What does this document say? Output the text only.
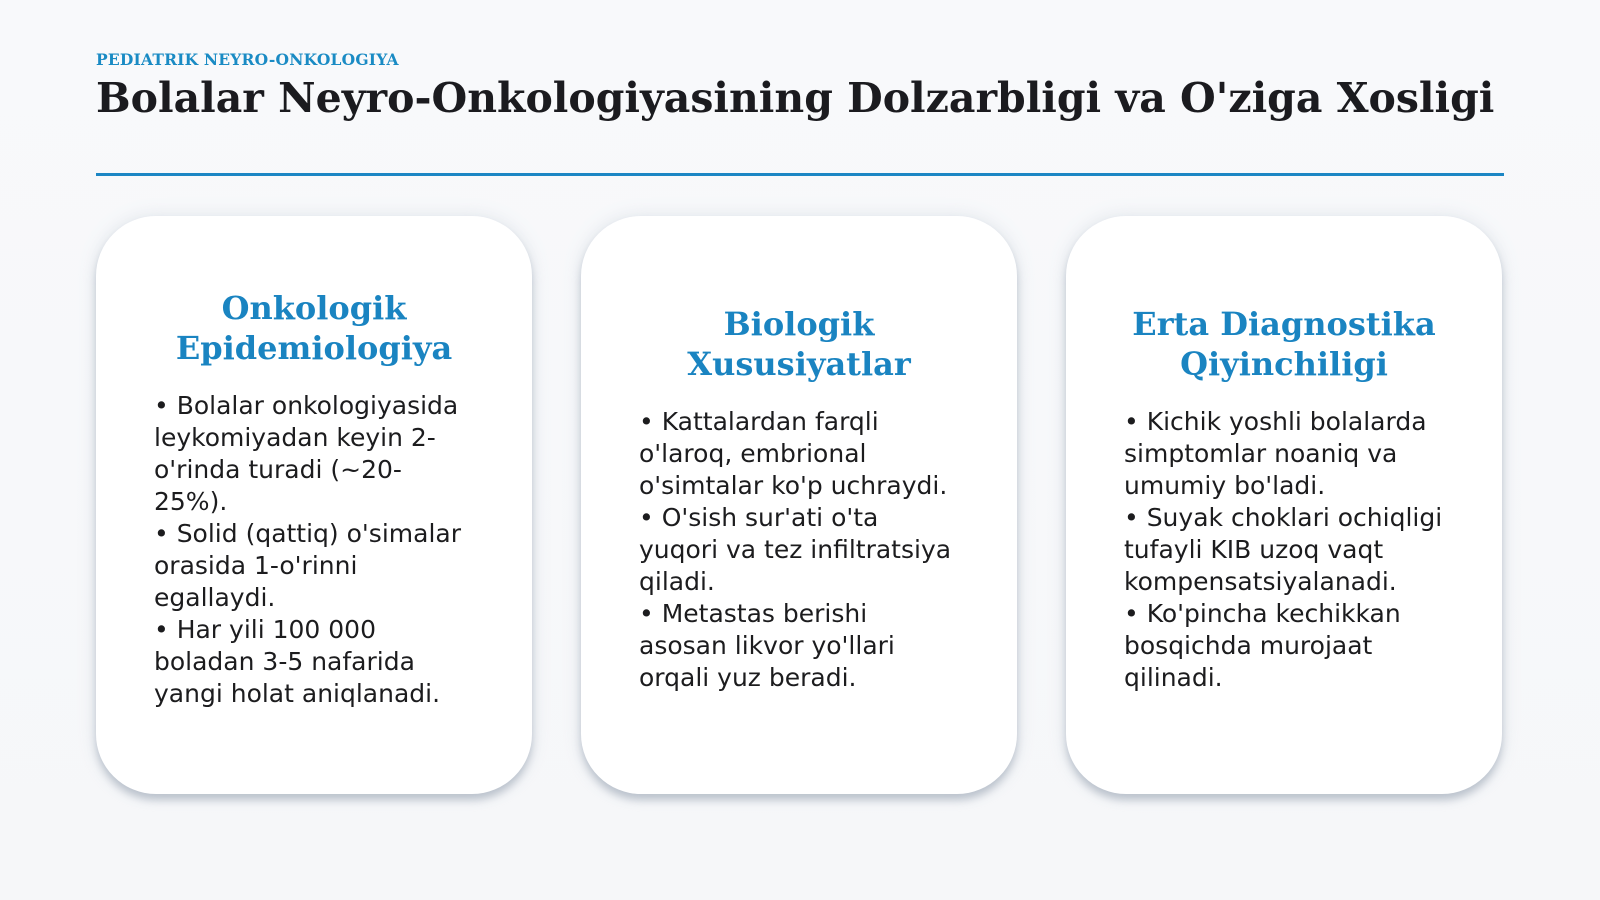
PEDIATRIK NEYRO-ONKOLOGIYA
Bolalar Neyro-Onkologiyasining Dolzarbligi va O'ziga Xosligi
Onkologik Epidemiologiya
• Bolalar onkologiyasida leykomiyadan keyin 2-o'rinda turadi (~20-25%).
• Solid (qattiq) o'simalar orasida 1-o'rinni egallaydi.
• Har yili 100 000 boladan 3-5 nafarida yangi holat aniqlanadi.
Biologik Xususiyatlar
• Kattalardan farqli o'laroq, embrional o'simtalar ko'p uchraydi.
• O'sish sur'ati o'ta yuqori va tez infiltratsiya qiladi.
• Metastas berishi asosan likvor yo'llari orqali yuz beradi.
Erta Diagnostika Qiyinchiligi
• Kichik yoshli bolalarda simptomlar noaniq va umumiy bo'ladi.
• Suyak choklari ochiqligi tufayli KIB uzoq vaqt kompensatsiyalanadi.
• Ko'pincha kechikkan bosqichda murojaat qilinadi.
